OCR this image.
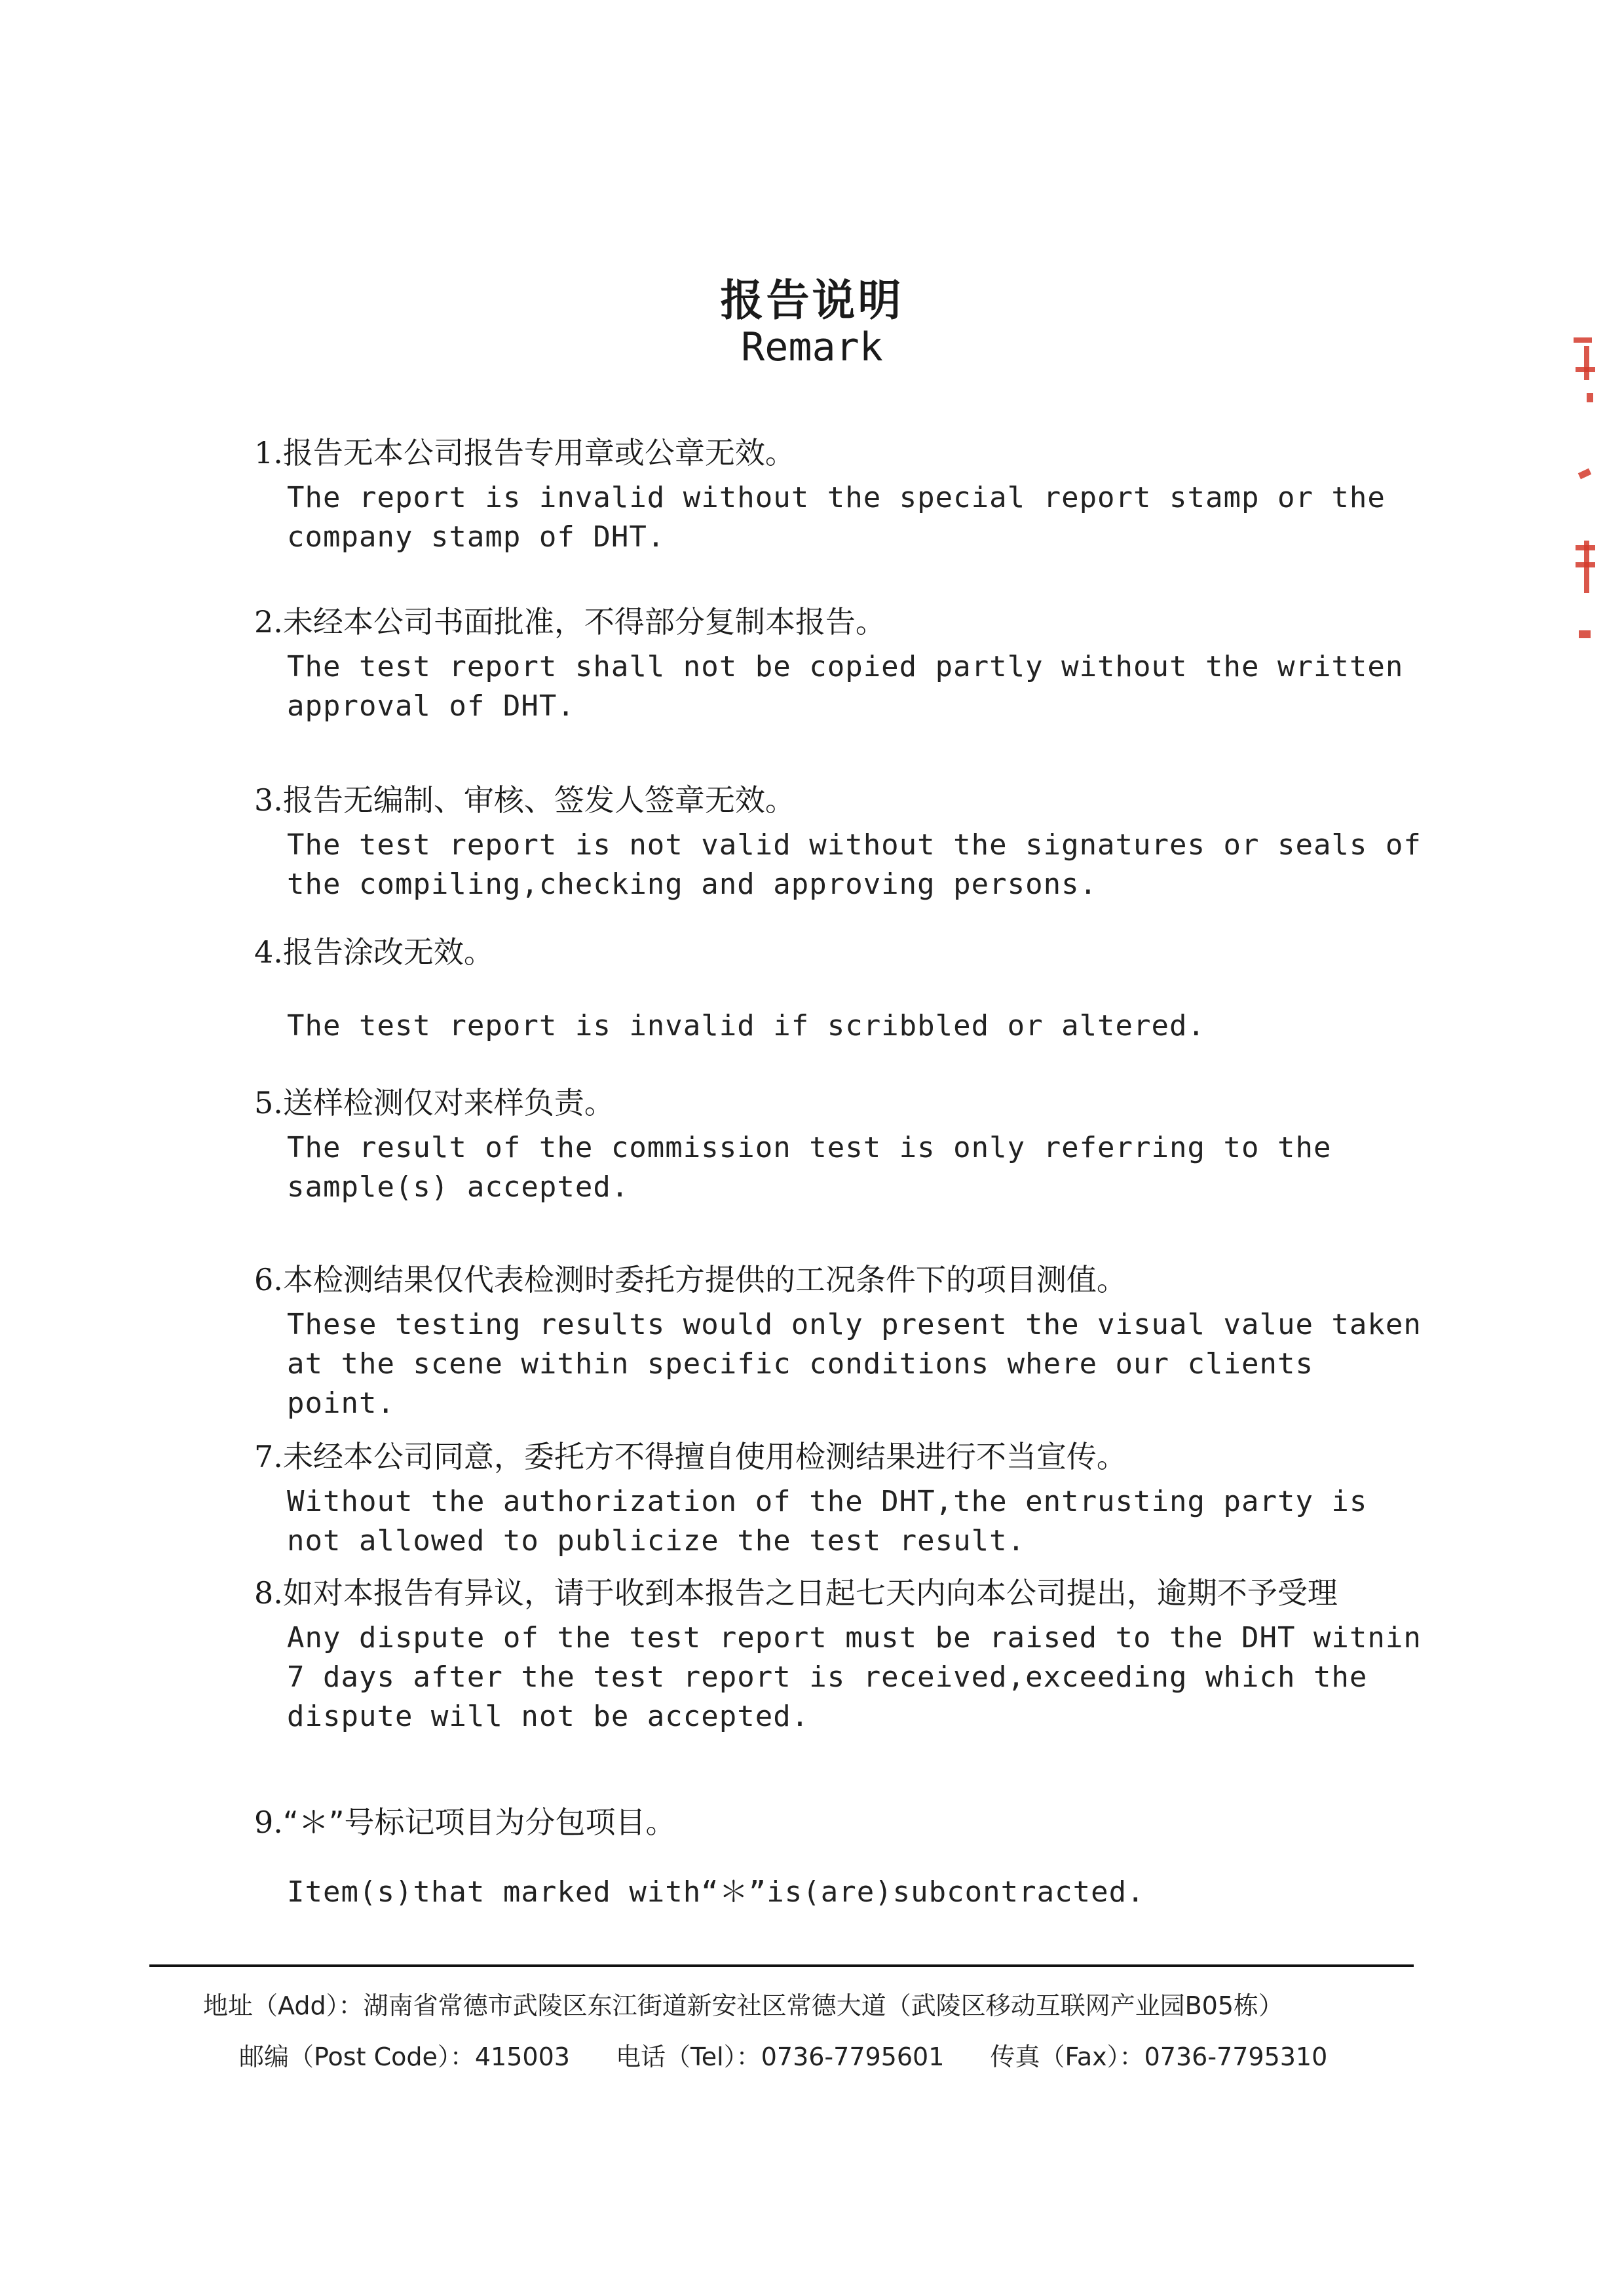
报告说明
Remark

1.报告无本公司报告专用章或公章无效。

The report is invalid without the special report stamp or the company stamp of DHT.

2.未经本公司书面批准，不得部分复制本报告。

The test report shall not be copied partly without the written approval of DHT.

3.报告无编制、审核、签发人签章无效。

The test report is not valid without the signatures or seals of the compiling,checking and approving persons.

4.报告涂改无效。

The test report is invalid if scribbled or altered.

5.送样检测仅对来样负责。

The result of the commission test is only referring to the sample(s) accepted.

6.本检测结果仅代表检测时委托方提供的工况条件下的项目测值。

These testing results would only present the visual value taken at the scene within specific conditions where our clients point.

7.未经本公司同意，委托方不得擅自使用检测结果进行不当宣传。

Without the authorization of the DHT,the entrusting party is not allowed to publicize the test result.

8.如对本报告有异议，请于收到本报告之日起七天内向本公司提出，逾期不予受理

Any dispute of the test report must be raised to the DHT witnin 7 days after the test report is received,exceeding which the dispute will not be accepted.

9.“＊”号标记项目为分包项目。

Item(s)that marked with“＊”is(are)subcontracted.

地址（Add）：湖南省常德市武陵区东江街道新安社区常德大道（武陵区移动互联网产业园B05栋）
邮编（Post Code）：415003 电话（Tel）：0736-7795601 传真（Fax）：0736-7795310
